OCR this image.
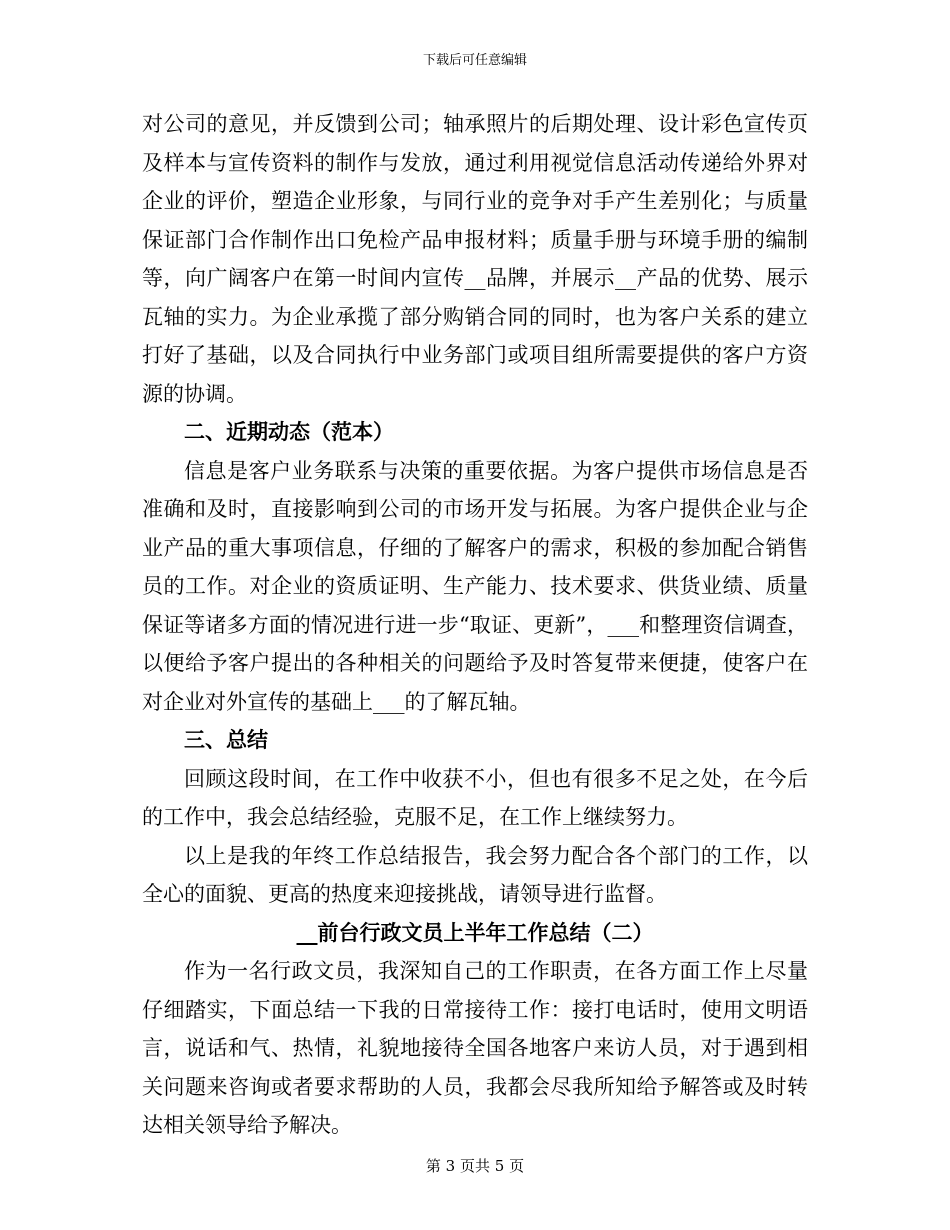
下载后可任意编辑

对公司的意见，并反馈到公司；轴承照片的后期处理、设计彩色宣传页及样本与宣传资料的制作与发放，通过利用视觉信息活动传递给外界对企业的评价，塑造企业形象，与同行业的竞争对手产生差别化；与质量保证部门合作制作出口免检产品申报材料；质量手册与环境手册的编制等，向广阔客户在第一时间内宣传__品牌，并展示__产品的优势、展示瓦轴的实力。为企业承揽了部分购销合同的同时，也为客户关系的建立打好了基础，以及合同执行中业务部门或项目组所需要提供的客户方资源的协调。

二、近期动态（范本）

信息是客户业务联系与决策的重要依据。为客户提供市场信息是否准确和及时，直接影响到公司的市场开发与拓展。为客户提供企业与企业产品的重大事项信息，仔细的了解客户的需求，积极的参加配合销售员的工作。对企业的资质证明、生产能力、技术要求、供货业绩、质量保证等诸多方面的情况进行进一步“取证、更新”，___和整理资信调查，以便给予客户提出的各种相关的问题给予及时答复带来便捷，使客户在对企业对外宣传的基础上___的了解瓦轴。

三、总结

回顾这段时间，在工作中收获不小，但也有很多不足之处，在今后的工作中，我会总结经验，克服不足，在工作上继续努力。

以上是我的年终工作总结报告，我会努力配合各个部门的工作，以全心的面貌、更高的热度来迎接挑战，请领导进行监督。

__前台行政文员上半年工作总结（二）

作为一名行政文员，我深知自己的工作职责，在各方面工作上尽量仔细踏实，下面总结一下我的日常接待工作：接打电话时，使用文明语言，说话和气、热情，礼貌地接待全国各地客户来访人员，对于遇到相关问题来咨询或者要求帮助的人员，我都会尽我所知给予解答或及时转达相关领导给予解决。

第 3 页共 5 页
